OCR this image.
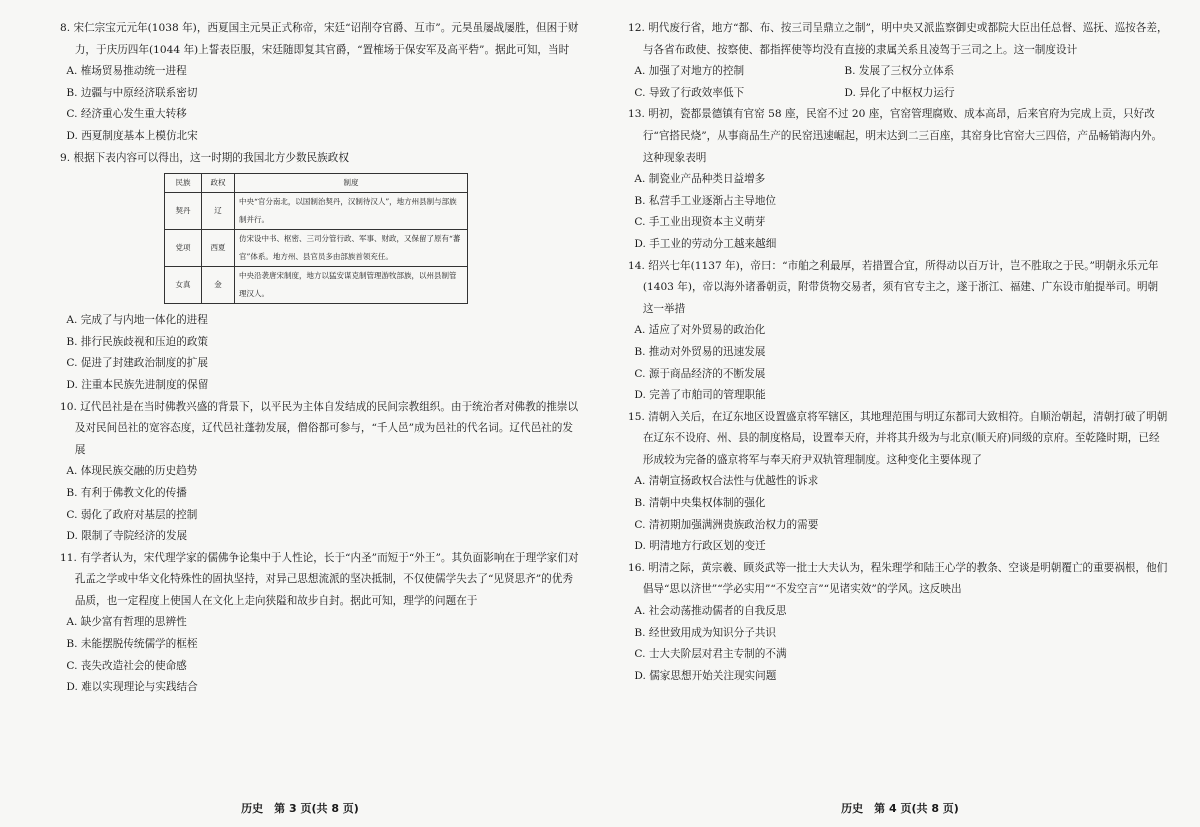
8. 宋仁宗宝元元年(1038 年)，西夏国主元昊正式称帝，宋廷“诏削夺官爵、互市”。元昊虽屡战屡胜，但困于财力，于庆历四年(1044 年)上誓表臣服，宋廷随即复其官爵，“置榷场于保安军及高平砦”。据此可知，当时

A. 榷场贸易推动统一进程

B. 边疆与中原经济联系密切

C. 经济重心发生重大转移

D. 西夏制度基本上模仿北宋

9. 根据下表内容可以得出，这一时期的我国北方少数民族政权

民族	政权	制度
契丹	辽	中央“官分南北，以国制治契丹，汉制待汉人”，地方州县制与部族制并行。
党项	西夏	仿宋设中书、枢密、三司分管行政、军事、财政，又保留了原有“蕃官”体系。地方州、县官员多由部族首领充任。
女真	金	中央沿袭唐宋制度，地方以猛安谋克制管理游牧部族，以州县制管理汉人。

A. 完成了与内地一体化的进程

B. 排行民族歧视和压迫的政策

C. 促进了封建政治制度的扩展

D. 注重本民族先进制度的保留

10. 辽代邑社是在当时佛教兴盛的背景下，以平民为主体自发结成的民间宗教组织。由于统治者对佛教的推崇以及对民间邑社的宽容态度，辽代邑社蓬勃发展，僧俗都可参与，“千人邑”成为邑社的代名词。辽代邑社的发展

A. 体现民族交融的历史趋势

B. 有利于佛教文化的传播

C. 弱化了政府对基层的控制

D. 限制了寺院经济的发展

11. 有学者认为，宋代理学家的儒佛争论集中于人性论，长于“内圣”而短于“外王”。其负面影响在于理学家们对孔孟之学或中华文化特殊性的固执坚持，对异己思想流派的坚决抵制，不仅使儒学失去了“见贤思齐”的优秀品质，也一定程度上使国人在文化上走向狭隘和故步自封。据此可知，理学的问题在于

A. 缺少富有哲理的思辨性

B. 未能摆脱传统儒学的框桎

C. 丧失改造社会的使命感

D. 难以实现理论与实践结合

历史　第 3 页(共 8 页)

12. 明代废行省，地方“都、布、按三司呈鼎立之制”，明中央又派监察御史或都院大臣出任总督、巡抚、巡按各差，与各省布政使、按察使、都指挥使等均没有直接的隶属关系且凌驾于三司之上。这一制度设计

A. 加强了对地方的控制	B. 发展了三权分立体系
C. 导致了行政效率低下	D. 异化了中枢权力运行

13. 明初，瓷都景德镇有官窑 58 座，民窑不过 20 座，官窑管理腐败、成本高昂，后来官府为完成上贡，只好改行“官搭民烧”，从事商品生产的民窑迅速崛起，明末达到二三百座，其窑身比官窑大三四倍，产品畅销海内外。这种现象表明

A. 制瓷业产品种类日益增多

B. 私营手工业逐渐占主导地位

C. 手工业出现资本主义萌芽

D. 手工业的劳动分工越来越细

14. 绍兴七年(1137 年)，帝曰：“市舶之利最厚，若措置合宜，所得动以百万计，岂不胜取之于民。”明朝永乐元年(1403 年)，帝以海外诸番朝贡，附带货物交易者，须有官专主之，遂于浙江、福建、广东设市舶提举司。明朝这一举措

A. 适应了对外贸易的政治化

B. 推动对外贸易的迅速发展

C. 源于商品经济的不断发展

D. 完善了市舶司的管理职能

15. 清朝入关后，在辽东地区设置盛京将军辖区，其地理范围与明辽东都司大致相符。自顺治朝起，清朝打破了明朝在辽东不设府、州、县的制度格局，设置奉天府，并将其升级为与北京(顺天府)同级的京府。至乾隆时期，已经形成较为完备的盛京将军与奉天府尹双轨管理制度。这种变化主要体现了

A. 清朝宣扬政权合法性与优越性的诉求

B. 清朝中央集权体制的强化

C. 清初期加强满洲贵族政治权力的需要

D. 明清地方行政区划的变迁

16. 明清之际，黄宗羲、顾炎武等一批士大夫认为，程朱理学和陆王心学的教条、空谈是明朝覆亡的重要祸根，他们倡导“思以济世”“学必实用”“不发空言”“见诸实效”的学风。这反映出

A. 社会动荡推动儒者的自我反思

B. 经世致用成为知识分子共识

C. 士大夫阶层对君主专制的不满

D. 儒家思想开始关注现实问题

历史　第 4 页(共 8 页)
